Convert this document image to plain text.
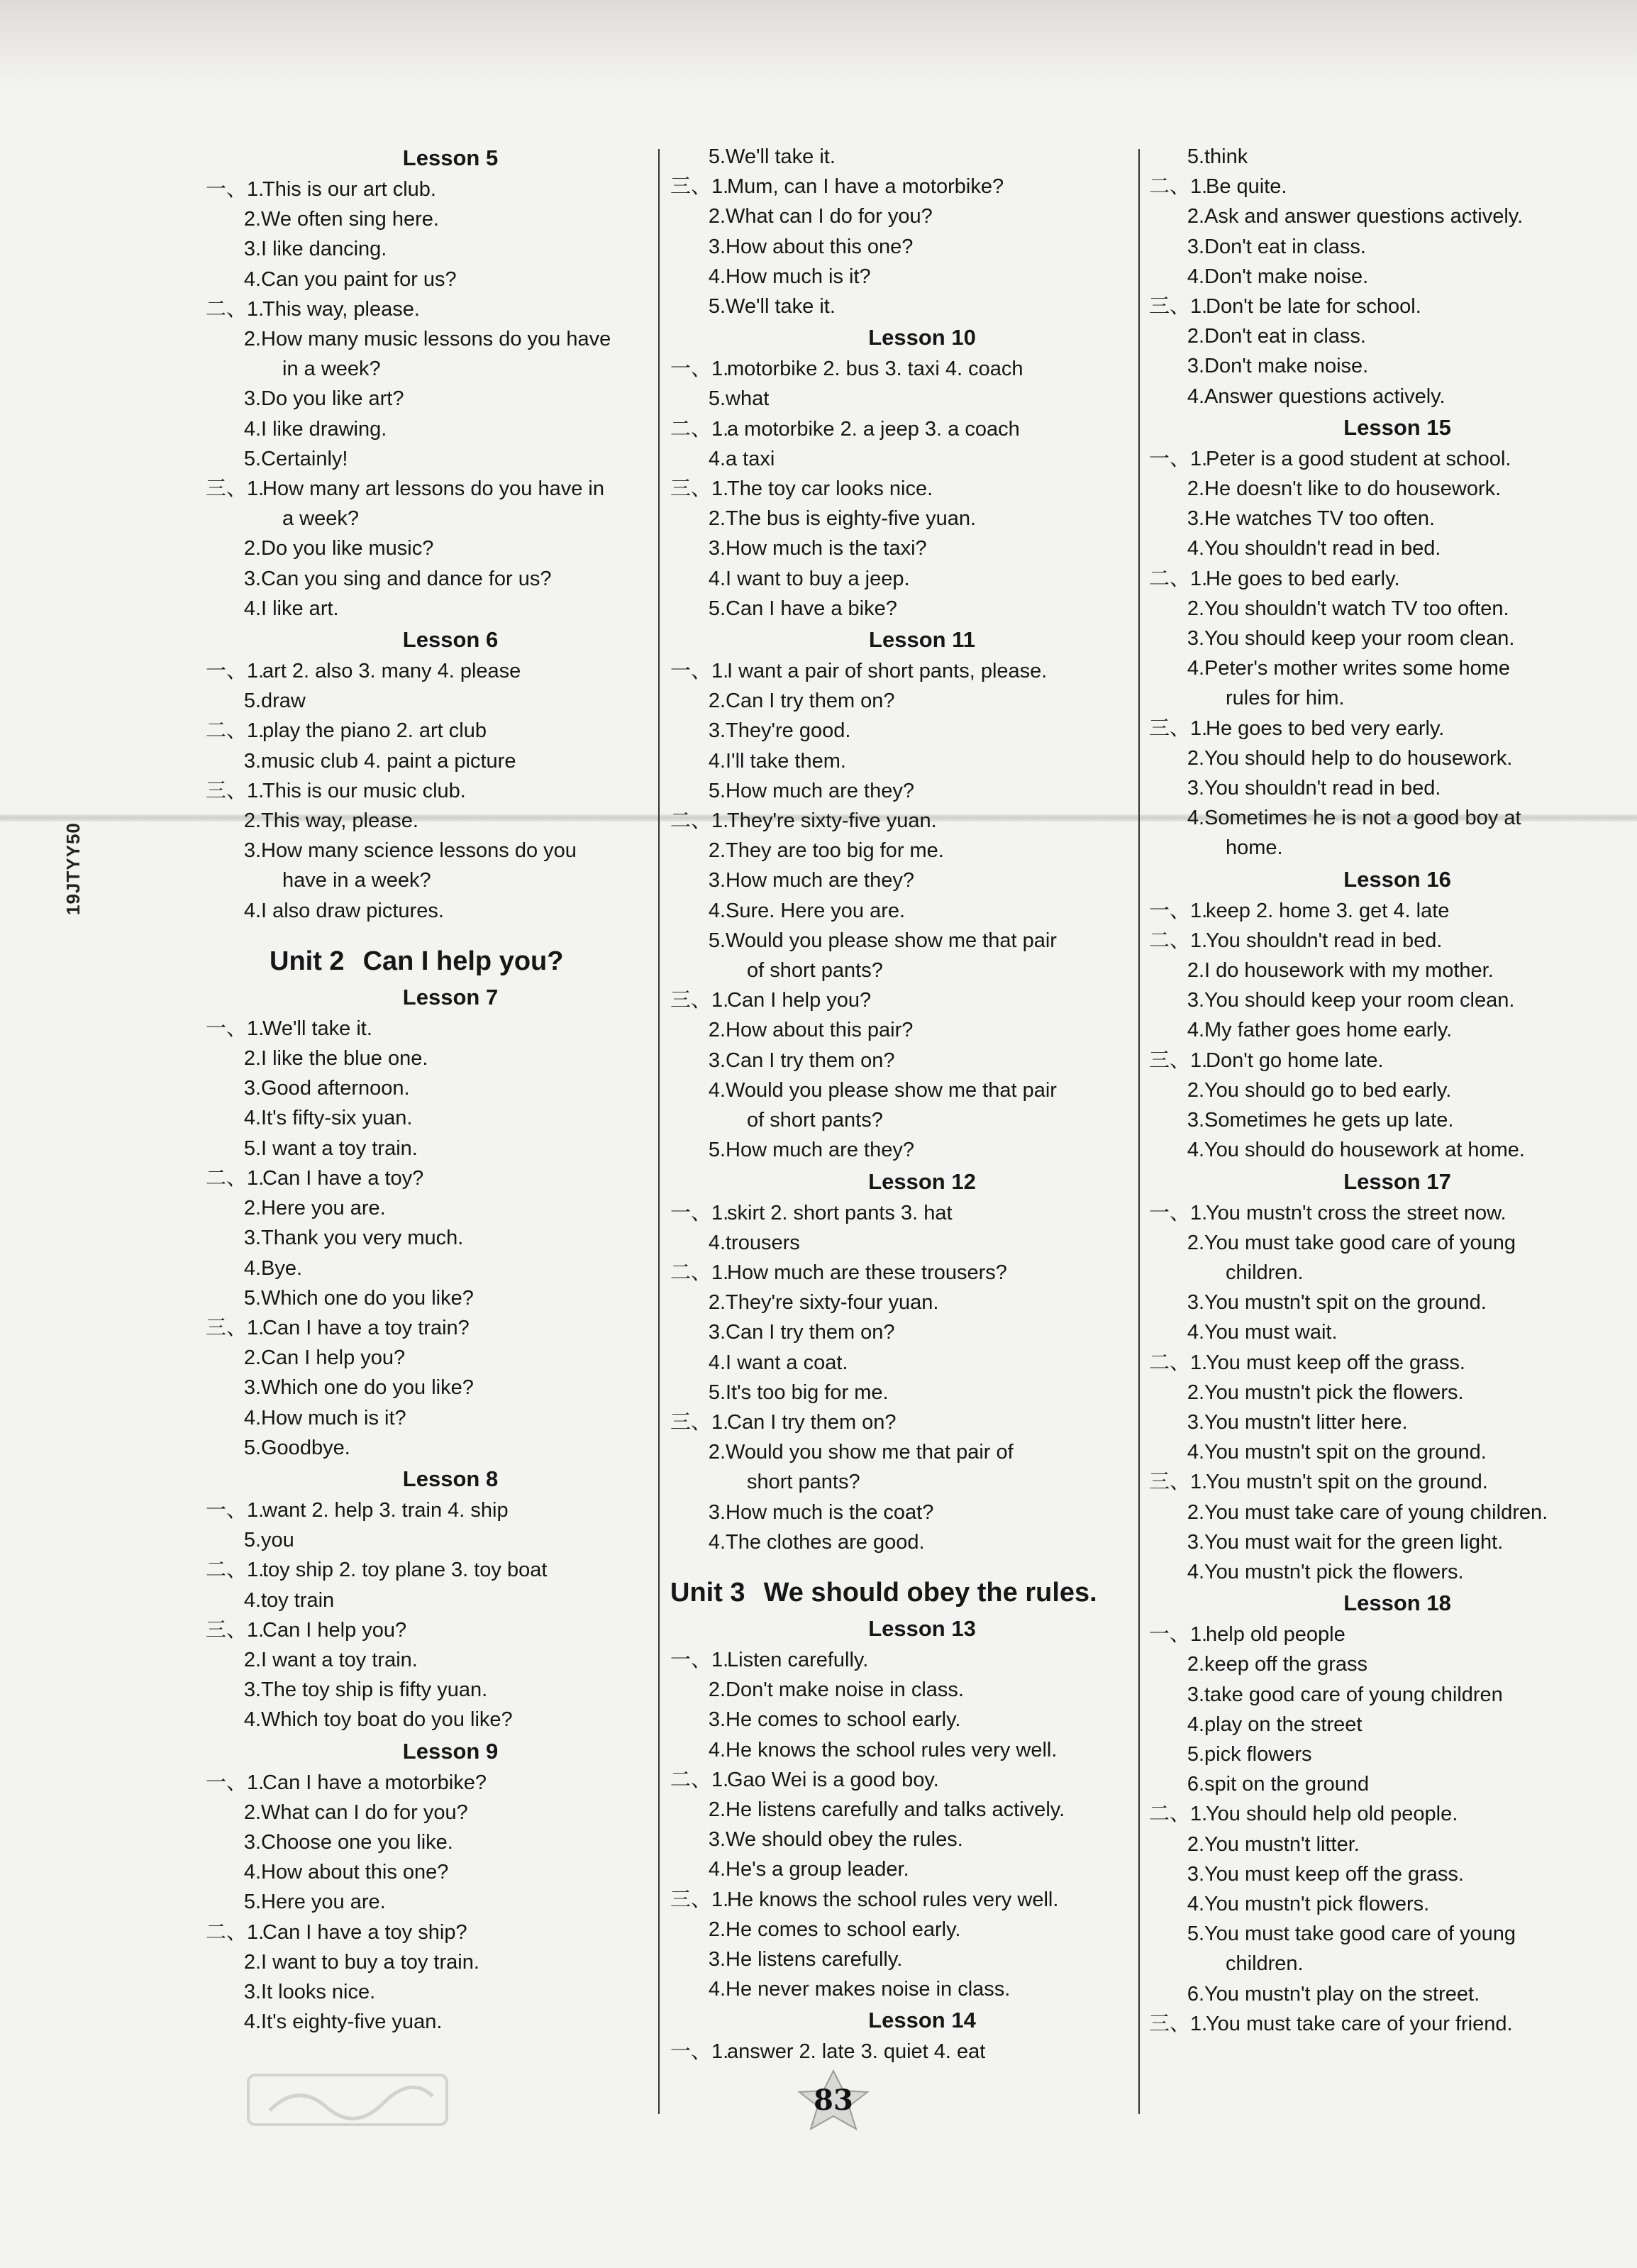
19JTYY50
Lesson 5
一、1.This is our art club.
2.We often sing here.
3.I like dancing.
4.Can you paint for us?
二、1.This way, please.
2.How many music lessons do you have
in a week?
3.Do you like art?
4.I like drawing.
5.Certainly!
三、1.How many art lessons do you have in
a week?
2.Do you like music?
3.Can you sing and dance for us?
4.I like art.
Lesson 6
一、1.art 2. also 3. many 4. please
5.draw
二、1.play the piano 2. art club
3.music club 4. paint a picture
三、1.This is our music club.
2.This way, please.
3.How many science lessons do you
have in a week?
4.I also draw pictures.
Unit 2 Can I help you?
Lesson 7
一、1.We'll take it.
2.I like the blue one.
3.Good afternoon.
4.It's fifty-six yuan.
5.I want a toy train.
二、1.Can I have a toy?
2.Here you are.
3.Thank you very much.
4.Bye.
5.Which one do you like?
三、1.Can I have a toy train?
2.Can I help you?
3.Which one do you like?
4.How much is it?
5.Goodbye.
Lesson 8
一、1.want 2. help 3. train 4. ship
5.you
二、1.toy ship 2. toy plane 3. toy boat
4.toy train
三、1.Can I help you?
2.I want a toy train.
3.The toy ship is fifty yuan.
4.Which toy boat do you like?
Lesson 9
一、1.Can I have a motorbike?
2.What can I do for you?
3.Choose one you like.
4.How about this one?
5.Here you are.
二、1.Can I have a toy ship?
2.I want to buy a toy train.
3.It looks nice.
4.It's eighty-five yuan.
5.We'll take it.
三、1.Mum, can I have a motorbike?
2.What can I do for you?
3.How about this one?
4.How much is it?
5.We'll take it.
Lesson 10
一、1.motorbike 2. bus 3. taxi 4. coach
5.what
二、1.a motorbike 2. a jeep 3. a coach
4.a taxi
三、1.The toy car looks nice.
2.The bus is eighty-five yuan.
3.How much is the taxi?
4.I want to buy a jeep.
5.Can I have a bike?
Lesson 11
一、1.I want a pair of short pants, please.
2.Can I try them on?
3.They're good.
4.I'll take them.
5.How much are they?
二、1.They're sixty-five yuan.
2.They are too big for me.
3.How much are they?
4.Sure. Here you are.
5.Would you please show me that pair
of short pants?
三、1.Can I help you?
2.How about this pair?
3.Can I try them on?
4.Would you please show me that pair
of short pants?
5.How much are they?
Lesson 12
一、1.skirt 2. short pants 3. hat
4.trousers
二、1.How much are these trousers?
2.They're sixty-four yuan.
3.Can I try them on?
4.I want a coat.
5.It's too big for me.
三、1.Can I try them on?
2.Would you show me that pair of
short pants?
3.How much is the coat?
4.The clothes are good.
Unit 3 We should obey the rules.
Lesson 13
一、1.Listen carefully.
2.Don't make noise in class.
3.He comes to school early.
4.He knows the school rules very well.
二、1.Gao Wei is a good boy.
2.He listens carefully and talks actively.
3.We should obey the rules.
4.He's a group leader.
三、1.He knows the school rules very well.
2.He comes to school early.
3.He listens carefully.
4.He never makes noise in class.
Lesson 14
一、1.answer 2. late 3. quiet 4. eat
5.think
二、1.Be quite.
2.Ask and answer questions actively.
3.Don't eat in class.
4.Don't make noise.
三、1.Don't be late for school.
2.Don't eat in class.
3.Don't make noise.
4.Answer questions actively.
Lesson 15
一、1.Peter is a good student at school.
2.He doesn't like to do housework.
3.He watches TV too often.
4.You shouldn't read in bed.
二、1.He goes to bed early.
2.You shouldn't watch TV too often.
3.You should keep your room clean.
4.Peter's mother writes some home
rules for him.
三、1.He goes to bed very early.
2.You should help to do housework.
3.You shouldn't read in bed.
4.Sometimes he is not a good boy at
home.
Lesson 16
一、1.keep 2. home 3. get 4. late
二、1.You shouldn't read in bed.
2.I do housework with my mother.
3.You should keep your room clean.
4.My father goes home early.
三、1.Don't go home late.
2.You should go to bed early.
3.Sometimes he gets up late.
4.You should do housework at home.
Lesson 17
一、1.You mustn't cross the street now.
2.You must take good care of young
children.
3.You mustn't spit on the ground.
4.You must wait.
二、1.You must keep off the grass.
2.You mustn't pick the flowers.
3.You mustn't litter here.
4.You mustn't spit on the ground.
三、1.You mustn't spit on the ground.
2.You must take care of young children.
3.You must wait for the green light.
4.You mustn't pick the flowers.
Lesson 18
一、1.help old people
2.keep off the grass
3.take good care of young children
4.play on the street
5.pick flowers
6.spit on the ground
二、1.You should help old people.
2.You mustn't litter.
3.You must keep off the grass.
4.You mustn't pick flowers.
5.You must take good care of young
children.
6.You mustn't play on the street.
三、1.You must take care of your friend.
83
